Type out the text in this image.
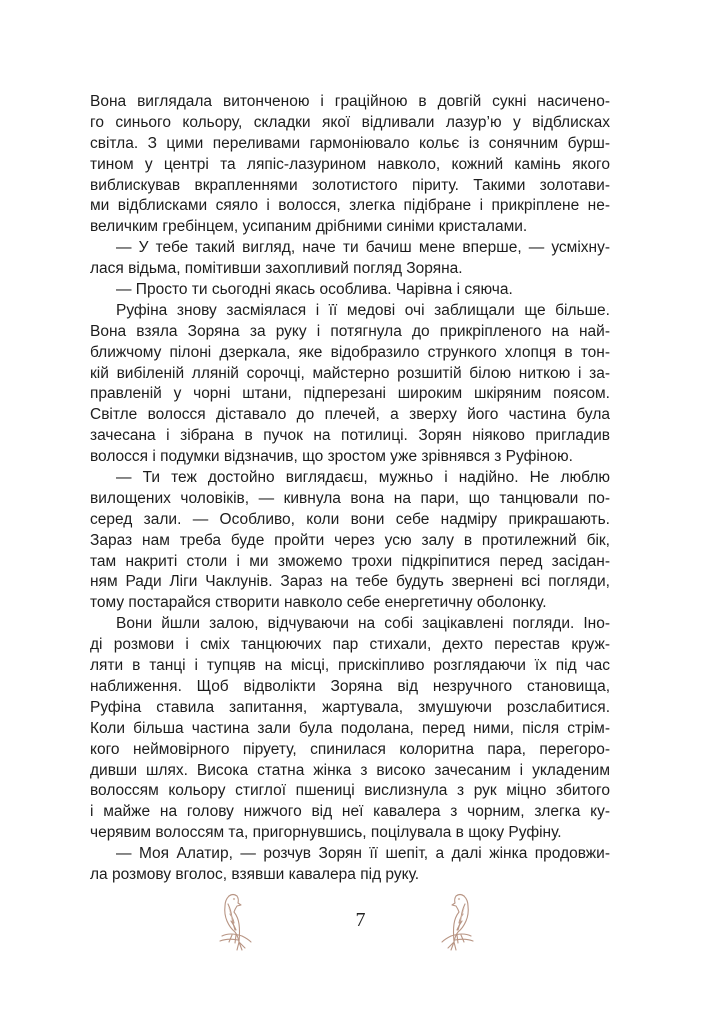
Вона виглядала витонченою і граційною в довгій сукні насичено-
го синього кольору, складки якої відливали лазур’ю у відблисках
світла. З цими переливами гармоніювало кольє із сонячним бурш-
тином у центрі та ляпіс-лазурином навколо, кожний камінь якого
виблискував вкрапленнями золотистого піриту. Такими золотави-
ми відблисками сяяло і волосся, злегка підібране і прикріплене не-
величким гребінцем, усипаним дрібними синіми кристалами.
— У тебе такий вигляд, наче ти бачиш мене вперше, — усміхну-
лася відьма, помітивши захопливий погляд Зоряна.
— Просто ти сьогодні якась особлива. Чарівна і сяюча.
Руфіна знову засміялася і її медові очі заблищали ще більше.
Вона взяла Зоряна за руку і потягнула до прикріпленого на най-
ближчому пілоні дзеркала, яке відобразило стрункого хлопця в тон-
кій вибіленій лляній сорочці, майстерно розшитій білою ниткою і за-
правленій у чорні штани, підперезані широким шкіряним поясом.
Світле волосся діставало до плечей, а зверху його частина була
зачесана і зібрана в пучок на потилиці. Зорян ніяково пригладив
волосся і подумки відзначив, що зростом уже зрівнявся з Руфіною.
— Ти теж достойно виглядаєш, мужньо і надійно. Не люблю
вилощених чоловіків, — кивнула вона на пари, що танцювали по-
серед зали. — Особливо, коли вони себе надміру прикрашають.
Зараз нам треба буде пройти через усю залу в протилежний бік,
там накриті столи і ми зможемо трохи підкріпитися перед засідан-
ням Ради Ліги Чаклунів. Зараз на тебе будуть звернені всі погляди,
тому постарайся створити навколо себе енергетичну оболонку.
Вони йшли залою, відчуваючи на собі зацікавлені погляди. Іно-
ді розмови і сміх танцюючих пар стихали, дехто перестав круж-
ляти в танці і тупцяв на місці, прискіпливо розглядаючи їх під час
наближення. Щоб відволікти Зоряна від незручного становища,
Руфіна ставила запитання, жартувала, змушуючи розслабитися.
Коли більша частина зали була подолана, перед ними, після стрім-
кого неймовірного піруету, спинилася колоритна пара, перегоро-
дивши шлях. Висока статна жінка з високо зачесаним і укладеним
волоссям кольору стиглої пшениці вислизнула з рук міцно збитого
і майже на голову нижчого від неї кавалера з чорним, злегка ку-
черявим волоссям та, пригорнувшись, поцілувала в щоку Руфіну.
— Моя Алатир, — розчув Зорян її шепіт, а далі жінка продовжи-
ла розмову вголос, взявши кавалера під руку.
7
